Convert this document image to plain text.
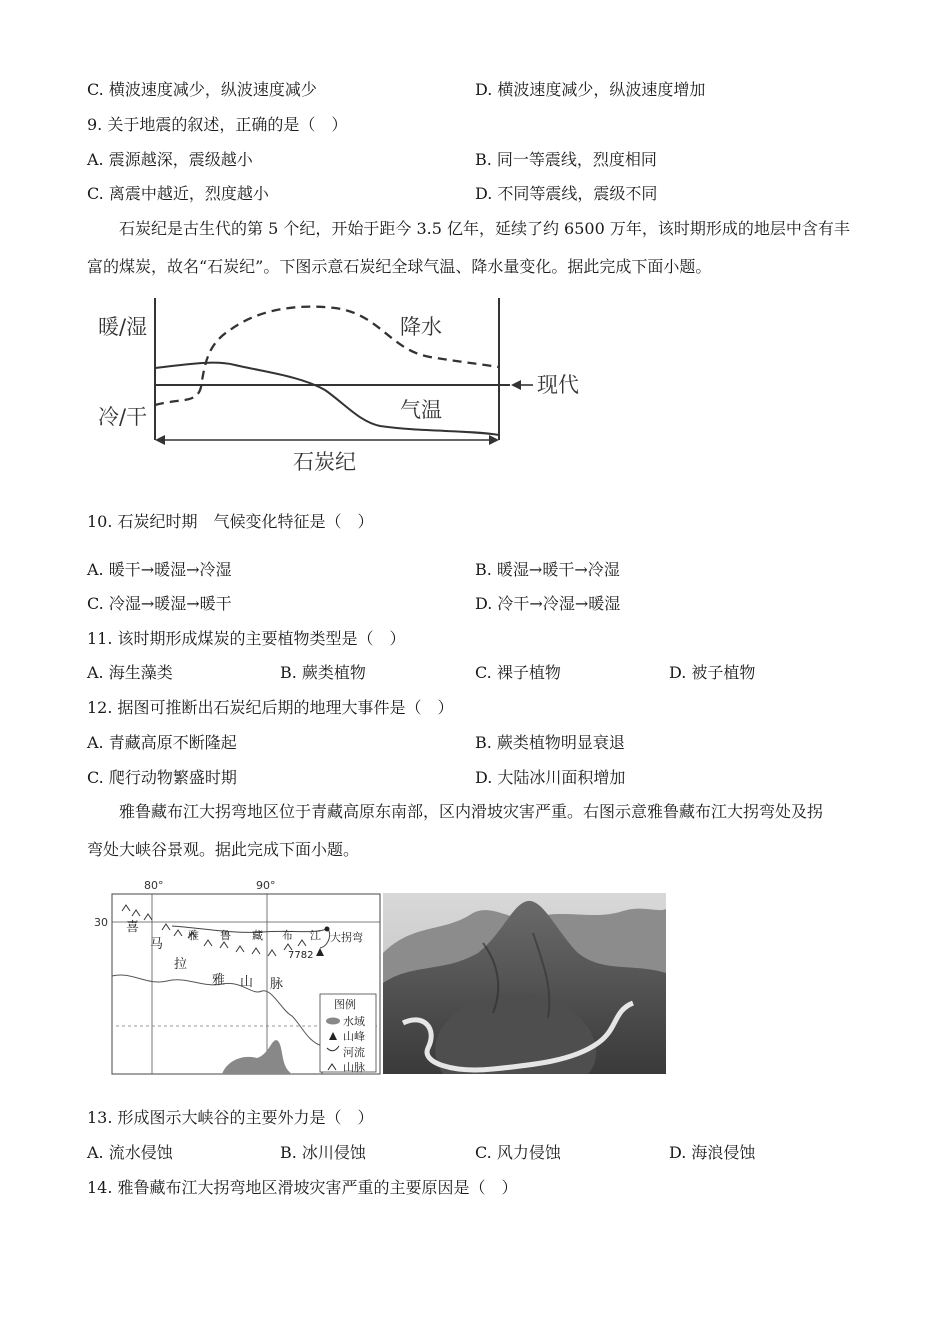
C. 横波速度减少，纵波速度减少	D. 横波速度减少，纵波速度增加
9. 关于地震的叙述，正确的是（　）
A. 震源越深，震级越小	B. 同一等震线，烈度相同
C. 离震中越近，烈度越小	D. 不同等震线，震级不同
石炭纪是古生代的第 5 个纪，开始于距今 3.5 亿年，延续了约 6500 万年，该时期形成的地层中含有丰
富的煤炭，故名“石炭纪”。下图示意石炭纪全球气温、降水量变化。据此完成下面小题。
暖/湿
冷/干
降水
气温
现代
石炭纪
10. 石炭纪时期　气候变化特征是（　）
A. 暖干→暖湿→冷湿	B. 暖湿→暖干→冷湿
C. 冷湿→暖湿→暖干	D. 冷干→冷湿→暖湿
11. 该时期形成煤炭的主要植物类型是（　）
A. 海生藻类	B. 蕨类植物	C. 裸子植物	D. 被子植物
12. 据图可推断出石炭纪后期的地理大事件是（　）
A. 青藏高原不断隆起	B. 蕨类植物明显衰退
C. 爬行动物繁盛时期	D. 大陆冰川面积增加
雅鲁藏布江大拐弯地区位于青藏高原东南部，区内滑坡灾害严重。右图示意雅鲁藏布江大拐弯处及拐
弯处大峡谷景观。据此完成下面小题。
80°	90°
30 喜
马
拉
雅 山 脉
雅 鲁 藏 布 江 大拐弯
7782
图例
水域
山峰
河流
山脉
13. 形成图示大峡谷的主要外力是（　）
A. 流水侵蚀	B. 冰川侵蚀	C. 风力侵蚀	D. 海浪侵蚀
14. 雅鲁藏布江大拐弯地区滑坡灾害严重的主要原因是（　）
